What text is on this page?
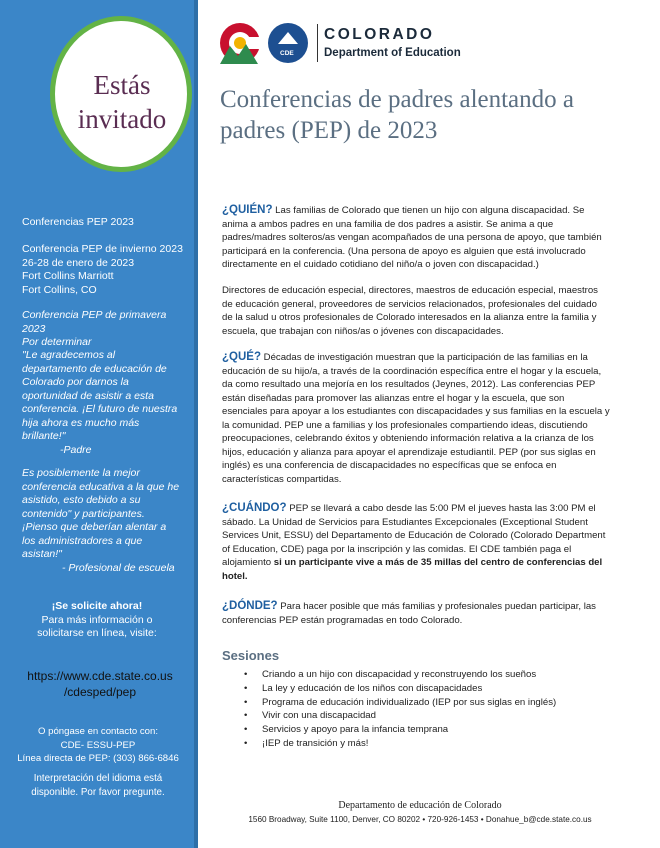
Estás
invitado
Conferencias PEP 2023
Conferencia PEP de invierno 2023
26-28 de enero de 2023
Fort Collins Marriott
Fort Collins, CO
Conferencia PEP de primavera 2023
Por determinar
"Le agradecemos al departamento de educación de Colorado por darnos la oportunidad de asistir a esta conferencia. ¡El futuro de nuestra hija ahora es mucho más brillante!"
-Padre
Es posiblemente la mejor conferencia educativa a la que he asistido, esto debido a su contenido" y participantes. ¡Pienso que deberían alentar a los administradores a que asistan!"
- Profesional de escuela
¡Se solicite ahora!
Para más información o solicitarse en línea, visite:
https://www.cde.state.co.us
/cdesped/pep
O póngase en contacto con:
CDE- ESSU-PEP
Línea directa de PEP: (303) 866-6846
Interpretación del idioma está disponible. Por favor pregunte.
CDE
COLORADO
Department of Education
Conferencias de padres alentando a padres (PEP) de 2023
¿QUIÉN? Las familias de Colorado que tienen un hijo con alguna discapacidad. Se anima a ambos padres en una familia de dos padres a asistir. Se anima a que padres/madres solteros/as vengan acompañados de una persona de apoyo, que también participará en la conferencia. (Una persona de apoyo es alguien que está involucrado directamente en el cuidado cotidiano del niño/a o joven con discapacidad.)
Directores de educación especial, directores, maestros de educación especial, maestros de educación general, proveedores de servicios relacionados, profesionales del cuidado de la salud u otros profesionales de Colorado interesados en la alianza entre la familia y escuela, que trabajan con niños/as o jóvenes con discapacidades.
¿QUÉ? Décadas de investigación muestran que la participación de las familias en la educación de su hijo/a, a través de la coordinación específica entre el hogar y la escuela, da como resultado una mejoría en los resultados (Jeynes, 2012). Las conferencias PEP están diseñadas para promover las alianzas entre el hogar y la escuela, que son esenciales para apoyar a los estudiantes con discapacidades y sus familias en la escuela y la comunidad. PEP une a familias y los profesionales compartiendo ideas, discutiendo preocupaciones, celebrando éxitos y obteniendo información relativa a la crianza de los hijos, educación y alianza para apoyar el aprendizaje estudiantil. PEP (por sus siglas en inglés) es una conferencia de discapacidades no específicas que se enfoca en características compartidas.
¿CUÁNDO? PEP se llevará a cabo desde las 5:00 PM el jueves hasta las 3:00 PM el sábado. La Unidad de Servicios para Estudiantes Excepcionales (Exceptional Student Services Unit, ESSU) del Departamento de Educación de Colorado (Colorado Department of Education, CDE) paga por la inscripción y las comidas. El CDE también paga el alojamiento si un participante vive a más de 35 millas del centro de conferencias del hotel.
¿DÓNDE? Para hacer posible que más familias y profesionales puedan participar, las conferencias PEP están programadas en todo Colorado.
Sesiones
• Criando a un hijo con discapacidad y reconstruyendo los sueños
• La ley y educación de los niños con discapacidades
• Programa de educación individualizado (IEP por sus siglas en inglés)
• Vivir con una discapacidad
• Servicios y apoyo para la infancia temprana
• ¡IEP de transición y más!
Departamento de educación de Colorado
1560 Broadway, Suite 1100, Denver, CO 80202 • 720-926-1453 • Donahue_b@cde.state.co.us
